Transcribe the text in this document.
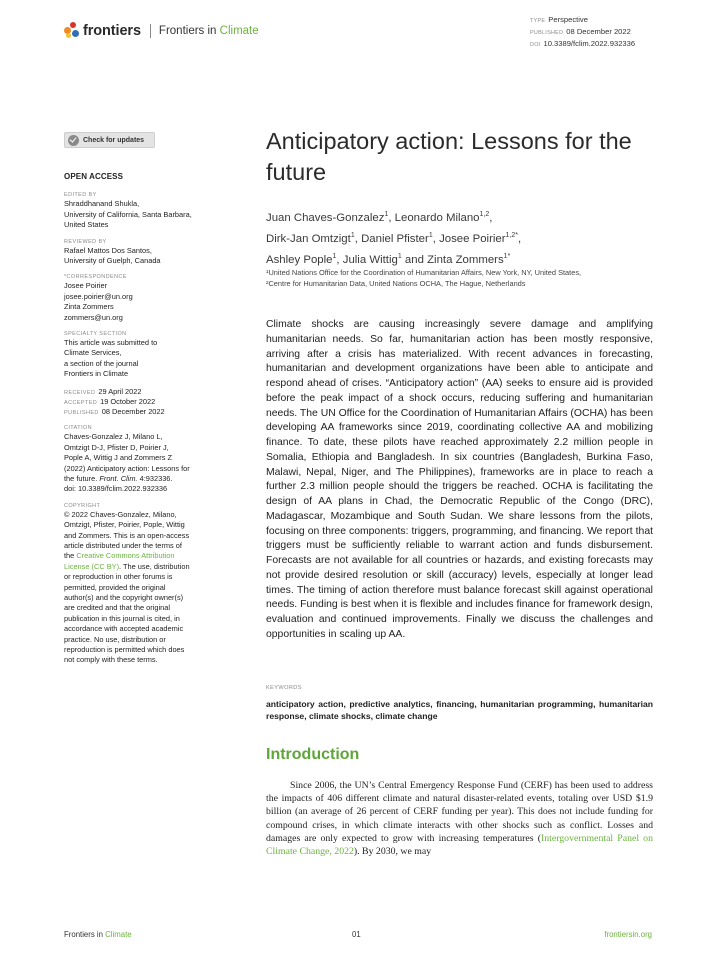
frontiers Frontiers in Climate
TYPE Perspective
PUBLISHED 08 December 2022
DOI 10.3389/fclim.2022.932336
Check for updates
OPEN ACCESS
EDITED BY
Shraddhanand Shukla,
University of California, Santa Barbara,
United States
REVIEWED BY
Rafael Mattos Dos Santos,
University of Guelph, Canada
*CORRESPONDENCE
Josee Poirier
josee.poirier@un.org
Zinta Zommers
zommers@un.org
SPECIALTY SECTION
This article was submitted to
Climate Services,
a section of the journal
Frontiers in Climate
RECEIVED 29 April 2022
ACCEPTED 19 October 2022
PUBLISHED 08 December 2022
CITATION
Chaves-Gonzalez J, Milano L,
Omtzigt D-J, Pfister D, Poirier J,
Pople A, Wittig J and Zommers Z
(2022) Anticipatory action: Lessons for
the future. Front. Clim. 4:932336.
doi: 10.3389/fclim.2022.932336
COPYRIGHT
© 2022 Chaves-Gonzalez, Milano,
Omtzigt, Pfister, Poirier, Pople, Wittig
and Zommers. This is an open-access
article distributed under the terms of
the Creative Commons Attribution
License (CC BY). The use, distribution
or reproduction in other forums is
permitted, provided the original
author(s) and the copyright owner(s)
are credited and that the original
publication in this journal is cited, in
accordance with accepted academic
practice. No use, distribution or
reproduction is permitted which does
not comply with these terms.
Anticipatory action: Lessons for the future
Juan Chaves-Gonzalez$^1$, Leonardo Milano$^{1,2}$,
Dirk-Jan Omtzigt$^1$, Daniel Pfister$^1$, Josee Poirier$^{1,2*}$,
Ashley Pople$^1$, Julia Wittig$^1$ and Zinta Zommers$^{1*}$
¹United Nations Office for the Coordination of Humanitarian Affairs, New York, NY, United States,
²Centre for Humanitarian Data, United Nations OCHA, The Hague, Netherlands

Climate shocks are causing increasingly severe damage and amplifying humanitarian needs. So far, humanitarian action has been mostly responsive, arriving after a crisis has materialized. With recent advances in forecasting, humanitarian and development organizations have been able to anticipate and respond ahead of crises. “Anticipatory action” (AA) seeks to ensure aid is provided before the peak impact of a shock occurs, reducing suffering and humanitarian needs. The UN Office for the Coordination of Humanitarian Affairs (OCHA) has been developing AA frameworks since 2019, coordinating collective AA and mobilizing finance. To date, these pilots have reached approximately 2.2 million people in Somalia, Ethiopia and Bangladesh. In six countries (Bangladesh, Burkina Faso, Malawi, Nepal, Niger, and The Philippines), frameworks are in place to reach a further 2.3 million people should the triggers be reached. OCHA is facilitating the design of AA plans in Chad, the Democratic Republic of the Congo (DRC), Madagascar, Mozambique and South Sudan. We share lessons from the pilots, focusing on three components: triggers, programming, and financing. We report that triggers must be sufficiently reliable to warrant action and funds disbursement. Forecasts are not available for all countries or hazards, and existing forecasts may not provide desired resolution or skill (accuracy) levels, especially at longer lead times. The timing of action therefore must balance forecast skill against operational needs. Funding is best when it is flexible and includes finance for framework design, evaluation and continued improvements. Finally we discuss the challenges and opportunities in scaling up AA.

KEYWORDS

anticipatory action, predictive analytics, financing, humanitarian programming, humanitarian response, climate shocks, climate change

Introduction

Since 2006, the UN’s Central Emergency Response Fund (CERF) has been used to address the impacts of 406 different climate and natural disaster-related events, totaling over USD $1.9 billion (an average of 26 percent of CERF funding per year). This does not include funding for compound crises, in which climate interacts with other shocks such as conflict. Losses and damages are only expected to grow with increasing temperatures (Intergovernmental Panel on Climate Change, 2022). By 2030, we may

Frontiers in Climate	01	frontiersin.org
